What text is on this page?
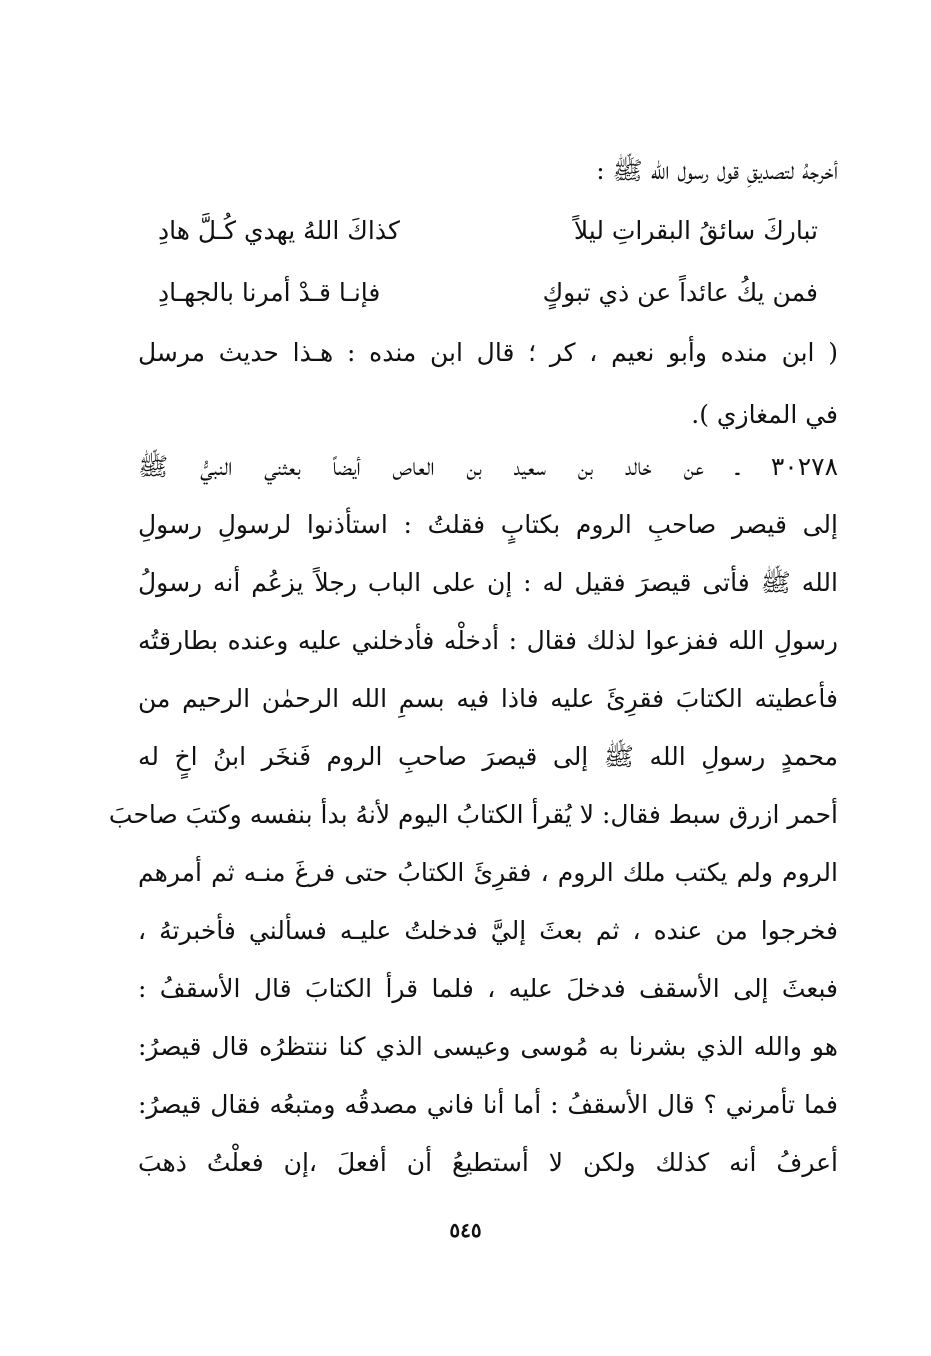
أخرجهُ لتصديقِ قول رسول الله ﷺ :
تباركَ سائقُ البقراتِ ليلاً
كذاكَ اللهُ يهدي كُـلَّ هادِ
فمن يكُ عائداً عن ذي تبوكٍ
فإنـا قـدْ أمرنا بالجهـادِ
( ابن منده وأبو نعيم ، كر ؛ قال ابن منده : هـذا حديث مرسل
في المغازي ).
٣٠٢٧٨ ـ عن خالد بن سعيد بن العاص أيضاً بعثني النبيُّ ﷺ
إلى قيصر صاحبِ الروم بكتابٍ فقلتُ : استأذنوا لرسولِ رسولِ
الله ﷺ فأتى قيصرَ فقيل له : إن على الباب رجلاً يزعُم أنه رسولُ
رسولِ الله ففزعوا لذلك فقال : أدخلْه فأدخلني عليه وعنده بطارقتُه
فأعطيته الكتابَ فقرِئَ عليه فاذا فيه بسمِ الله الرحمٰن الرحيم من
محمدٍ رسولِ الله ﷺ إلى قيصرَ صاحبِ الروم فَنخَر ابنُ اخٍ له
أحمر ازرق سبط فقال: لا يُقرأ الكتابُ اليوم لأنهُ بدأ بنفسه وكتبَ صاحبَ
الروم ولم يكتب ملك الروم ، فقرِئَ الكتابُ حتى فرغَ منـه ثم أمرهم
فخرجوا من عنده ، ثم بعثَ إليَّ فدخلتُ عليـه فسألني فأخبرتهُ ،
فبعثَ إلى الأسقف فدخلَ عليه ، فلما قرأ الكتابَ قال الأسقفُ :
هو والله الذي بشرنا به مُوسى وعيسى الذي كنا ننتظرُه قال قيصرُ:
فما تأمرني ؟ قال الأسقفُ : أما أنا فاني مصدقُه ومتبعُه فقال قيصرُ:
أعرفُ أنه كذلك ولكن لا أستطيعُ أن أفعلَ ،إن فعلْتُ ذهبَ
٥٤٥
